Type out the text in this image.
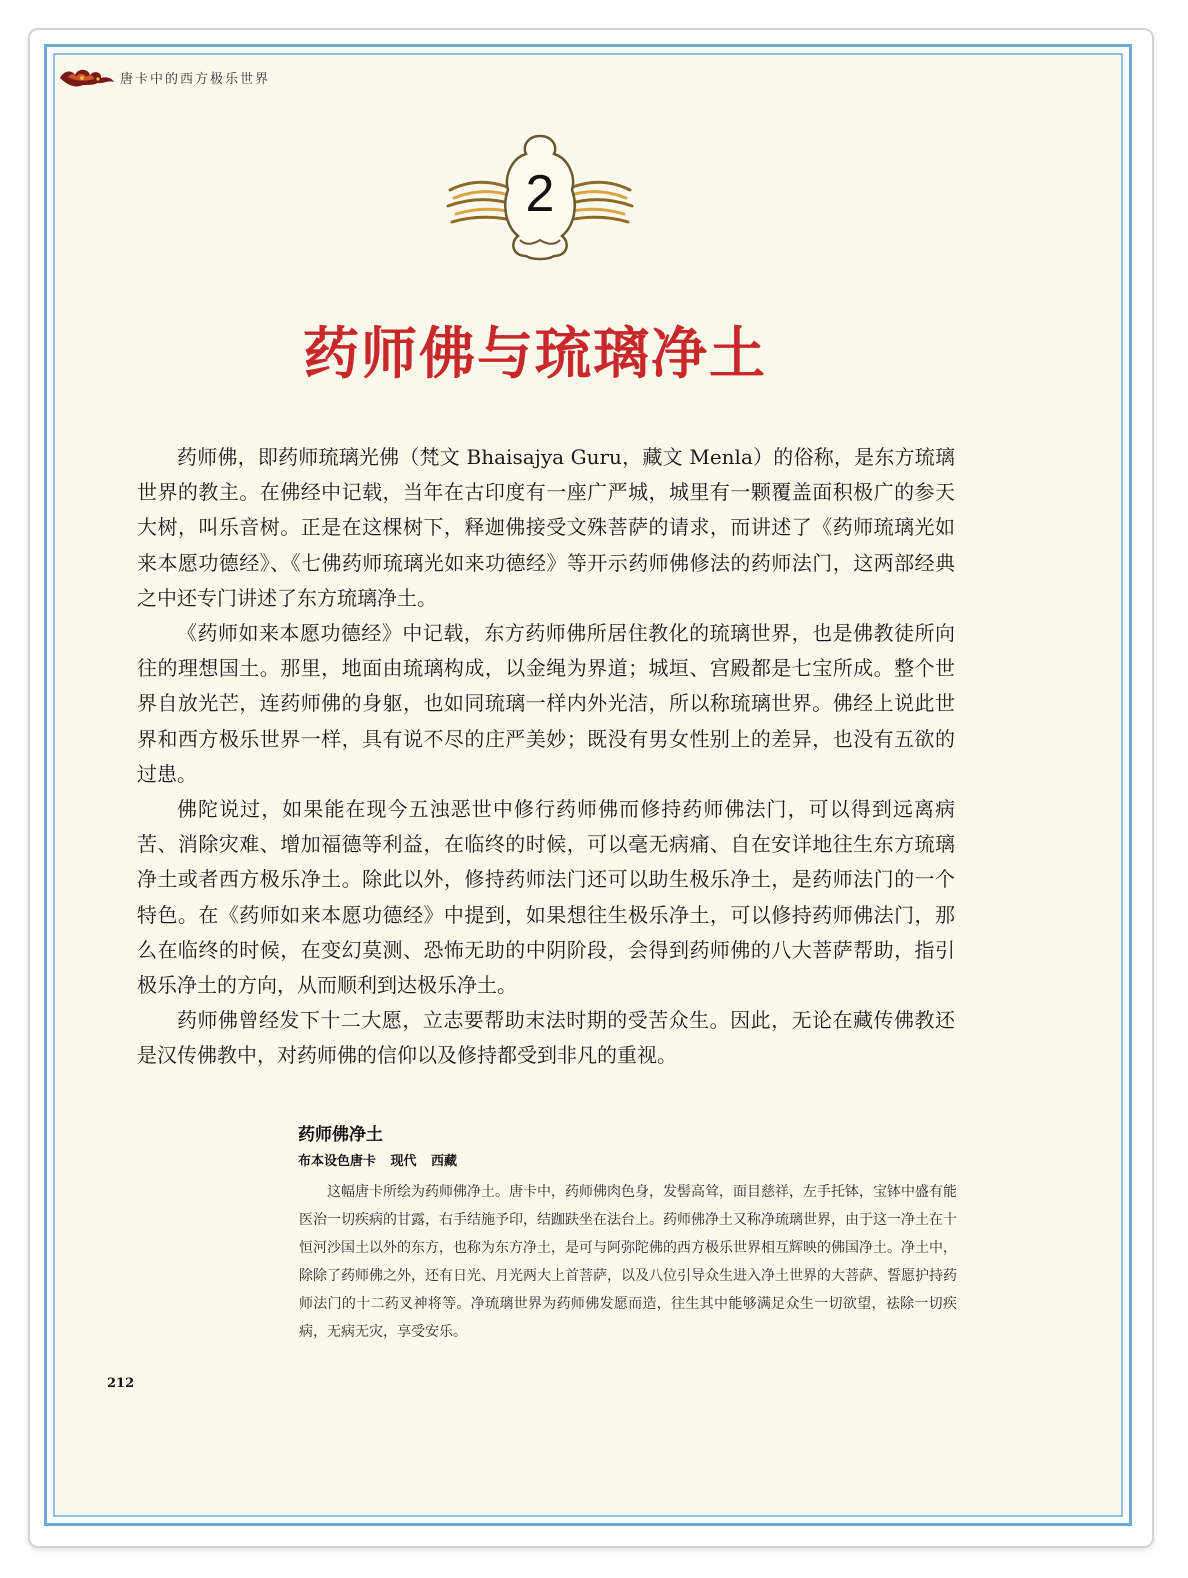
唐卡中的西方极乐世界
2
药师佛与琉璃净土

药师佛，即药师琉璃光佛（梵文 Bhaisajya Guru，藏文 Menla）的俗称，是东方琉璃世界的教主。在佛经中记载，当年在古印度有一座广严城，城里有一颗覆盖面积极广的参天大树，叫乐音树。正是在这棵树下，释迦佛接受文殊菩萨的请求，而讲述了《药师琉璃光如来本愿功德经》、《七佛药师琉璃光如来功德经》等开示药师佛修法的药师法门，这两部经典之中还专门讲述了东方琉璃净土。

《药师如来本愿功德经》中记载，东方药师佛所居住教化的琉璃世界，也是佛教徒所向往的理想国土。那里，地面由琉璃构成，以金绳为界道；城垣、宫殿都是七宝所成。整个世界自放光芒，连药师佛的身躯，也如同琉璃一样内外光洁，所以称琉璃世界。佛经上说此世界和西方极乐世界一样，具有说不尽的庄严美妙；既没有男女性别上的差异，也没有五欲的过患。

佛陀说过，如果能在现今五浊恶世中修行药师佛而修持药师佛法门，可以得到远离病苦、消除灾难、增加福德等利益，在临终的时候，可以毫无病痛、自在安详地往生东方琉璃净土或者西方极乐净土。除此以外，修持药师法门还可以助生极乐净土，是药师法门的一个特色。在《药师如来本愿功德经》中提到，如果想往生极乐净土，可以修持药师佛法门，那么在临终的时候，在变幻莫测、恐怖无助的中阴阶段，会得到药师佛的八大菩萨帮助，指引极乐净土的方向，从而顺利到达极乐净土。

药师佛曾经发下十二大愿，立志要帮助末法时期的受苦众生。因此，无论在藏传佛教还是汉传佛教中，对药师佛的信仰以及修持都受到非凡的重视。

药师佛净土
布本设色唐卡 现代 西藏

这幅唐卡所绘为药师佛净土。唐卡中，药师佛肉色身，发髻高耸，面目慈祥，左手托钵，宝钵中盛有能医治一切疾病的甘露，右手结施予印，结跏趺坐在法台上。药师佛净土又称净琉璃世界，由于这一净土在十恒河沙国土以外的东方，也称为东方净土，是可与阿弥陀佛的西方极乐世界相互辉映的佛国净土。净土中，除除了药师佛之外，还有日光、月光两大上首菩萨，以及八位引导众生进入净土世界的大菩萨、誓愿护持药师法门的十二药叉神将等。净琉璃世界为药师佛发愿而造，往生其中能够满足众生一切欲望，祛除一切疾病，无病无灾，享受安乐。

212
